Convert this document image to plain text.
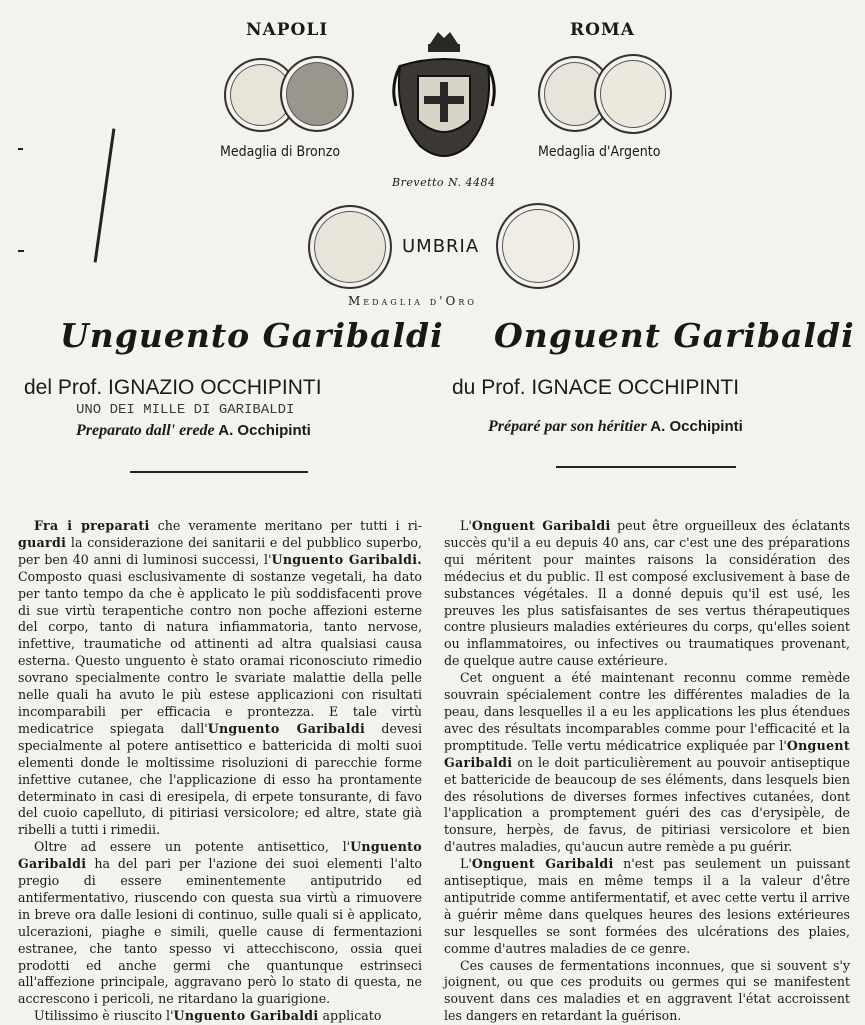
NAPOLI	ROMA
Medaglia di Bronzo
Brevetto N. 4484
Medaglia d'Argento
UMBRIA
Medaglia d'Oro
Unguento Garibaldi
del Prof. IGNAZIO OCCHIPINTI
UNO DEI MILLE DI GARIBALDI
Preparato dall' erede A. Occhipinti
Onguent Garibaldi
du Prof. IGNACE OCCHIPINTI
Préparé par son héritier A. Occhipinti

Fra i preparati che veramente meritano per tutti i ri-guardi la considerazione dei sanitarii e del pubblico superbo, per ben 40 anni di luminosi successi, l'Unguento Garibaldi. Composto quasi esclusivamente di sostanze vegetali, ha dato per tanto tempo da che è applicato le più soddisfacenti prove di sue virtù terapentiche contro non poche affezioni esterne del corpo, tanto di natura infiammatoria, tanto nervose, infettive, traumatiche od attinenti ad altra qualsiasi causa esterna. Questo unguento è stato oramai riconosciuto rimedio sovrano specialmente contro le svariate malattie della pelle nelle quali ha avuto le più estese applicazioni con risultati incomparabili per efficacia e prontezza. E tale virtù medicatrice spiegata dall'Unguento Garibaldi devesi specialmente al potere antisettico e battericida di molti suoi elementi donde le moltissime risoluzioni di parecchie forme infettive cutanee, che l'applicazione di esso ha prontamente determinato in casi di eresipela, di erpete tonsurante, di favo del cuoio capelluto, di pitiriasi versicolore; ed altre, state già ribelli a tutti i rimedii.

Oltre ad essere un potente antisettico, l'Unguento Garibaldi ha del pari per l'azione dei suoi elementi l'alto pregio di essere eminentemente antiputrido ed antifermentativo, riuscendo con questa sua virtù a rimuovere in breve ora dalle lesioni di continuo, sulle quali si è applicato, ulcerazioni, piaghe e simili, quelle cause di fermentazioni estranee, che tanto spesso vi attecchiscono, ossia quei prodotti ed anche germi che quantunque estrinseci all'affezione principale, aggravano però lo stato di questa, ne accrescono i pericoli, ne ritardano la guarigione.

Utilissimo è riuscito l'Unguento Garibaldi applicato

L'Onguent Garibaldi peut être orgueilleux des éclatants succès qu'il a eu depuis 40 ans, car c'est une des préparations qui méritent pour maintes raisons la considération des médecius et du public. Il est composé exclusivement à base de substances végétales. Il a donné depuis qu'il est usé, les preuves les plus satisfaisantes de ses vertus thérapeutiques contre plusieurs maladies extérieures du corps, qu'elles soient ou inflammatoires, ou infectives ou traumatiques provenant, de quelque autre cause extérieure.

Cet onguent a été maintenant reconnu comme remède souvrain spécialement contre les différentes maladies de la peau, dans lesquelles il a eu les applications les plus étendues avec des résultats incomparables comme pour l'efficacité et la promptitude. Telle vertu médicatrice expliquée par l'Onguent Garibaldi on le doit particulièrement au pouvoir antiseptique et battericide de beaucoup de ses éléments, dans lesquels bien des résolutions de diverses formes infectives cutanées, dont l'application a promptement guéri des cas d'erysipèle, de tonsure, herpès, de favus, de pitiriasi versicolore et bien d'autres maladies, qu'aucun autre remède a pu guérir.

L'Onguent Garibaldi n'est pas seulement un puissant antiseptique, mais en même temps il a la valeur d'être antiputride comme antifermentatif, et avec cette vertu il arrive à guérir même dans quelques heures des lesions extérieures sur lesquelles se sont formées des ulcérations des plaies, comme d'autres maladies de ce genre.

Ces causes de fermentations inconnues, que si souvent s'y joignent, ou que ces produits ou germes qui se manifestent souvent dans ces maladies et en aggravent l'état accroissent les dangers en retardant la guérison.
